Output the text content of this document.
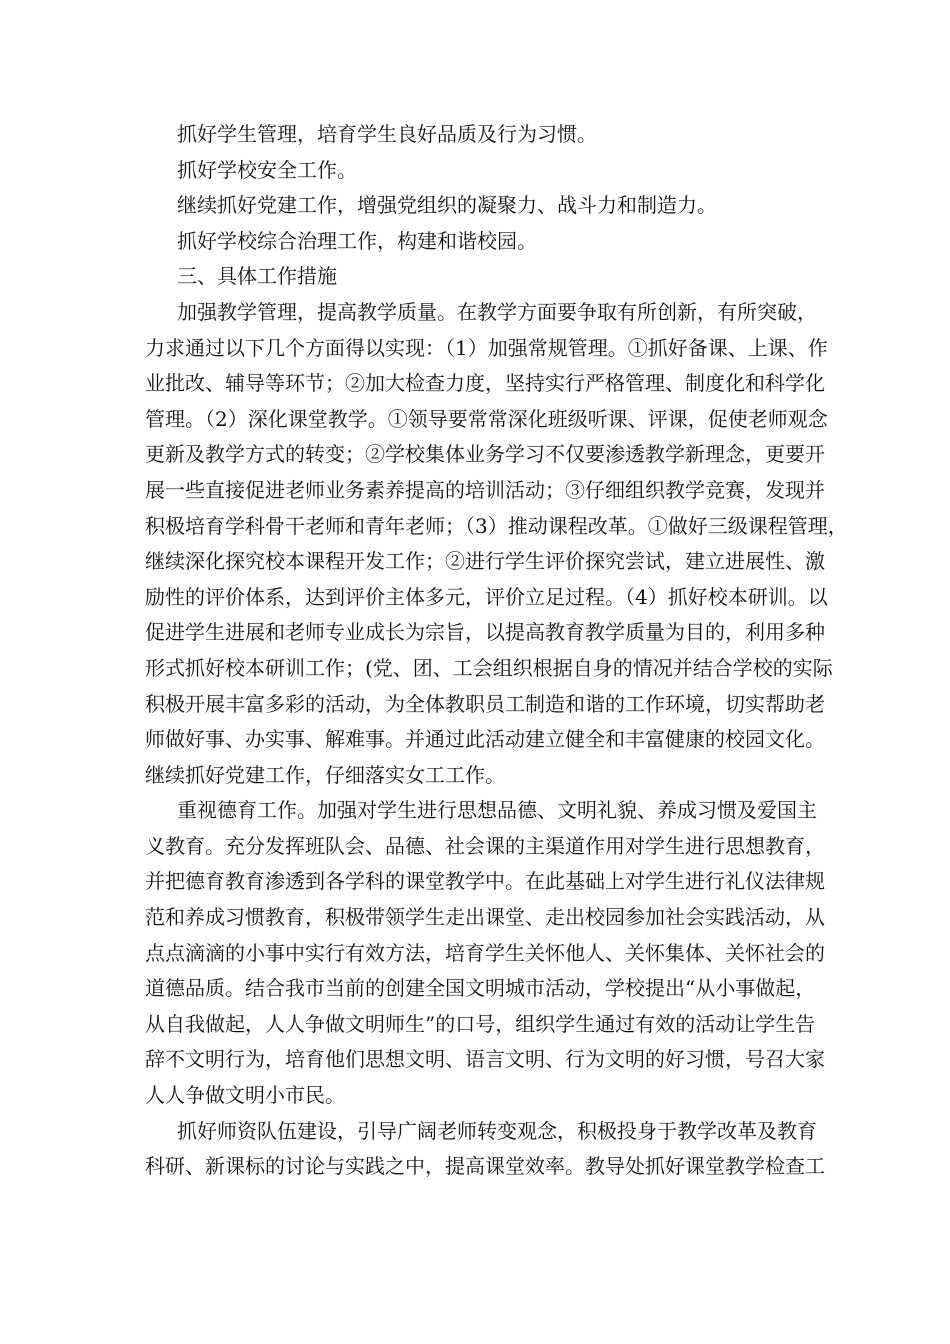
抓好学生管理，培育学生良好品质及行为习惯。

抓好学校安全工作。

继续抓好党建工作，增强党组织的凝聚力、战斗力和制造力。

抓好学校综合治理工作，构建和谐校园。

三、具体工作措施

加强教学管理，提高教学质量。在教学方面要争取有所创新，有所突破，
力求通过以下几个方面得以实现：（1）加强常规管理。①抓好备课、上课、作
业批改、辅导等环节；②加大检查力度，坚持实行严格管理、制度化和科学化
管理。（2）深化课堂教学。①领导要常常深化班级听课、评课，促使老师观念
更新及教学方式的转变；②学校集体业务学习不仅要渗透教学新理念，更要开
展一些直接促进老师业务素养提高的培训活动；③仔细组织教学竞赛，发现并
积极培育学科骨干老师和青年老师；（3）推动课程改革。①做好三级课程管理，
继续深化探究校本课程开发工作；②进行学生评价探究尝试，建立进展性、激
励性的评价体系，达到评价主体多元，评价立足过程。（4）抓好校本研训。以
促进学生进展和老师专业成长为宗旨，以提高教育教学质量为目的，利用多种
形式抓好校本研训工作；(党、团、工会组织根据自身的情况并结合学校的实际
积极开展丰富多彩的活动，为全体教职员工制造和谐的工作环境，切实帮助老
师做好事、办实事、解难事。并通过此活动建立健全和丰富健康的校园文化。
继续抓好党建工作，仔细落实女工工作。
重视德育工作。加强对学生进行思想品德、文明礼貌、养成习惯及爱国主
义教育。充分发挥班队会、品德、社会课的主渠道作用对学生进行思想教育，
并把德育教育渗透到各学科的课堂教学中。在此基础上对学生进行礼仪法律规
范和养成习惯教育，积极带领学生走出课堂、走出校园参加社会实践活动，从
点点滴滴的小事中实行有效方法，培育学生关怀他人、关怀集体、关怀社会的
道德品质。结合我市当前的创建全国文明城市活动，学校提出“从小事做起，
从自我做起，人人争做文明师生”的口号，组织学生通过有效的活动让学生告
辞不文明行为，培育他们思想文明、语言文明、行为文明的好习惯，号召大家
人人争做文明小市民。
抓好师资队伍建设，引导广阔老师转变观念，积极投身于教学改革及教育
科研、新课标的讨论与实践之中，提高课堂效率。教导处抓好课堂教学检查工
